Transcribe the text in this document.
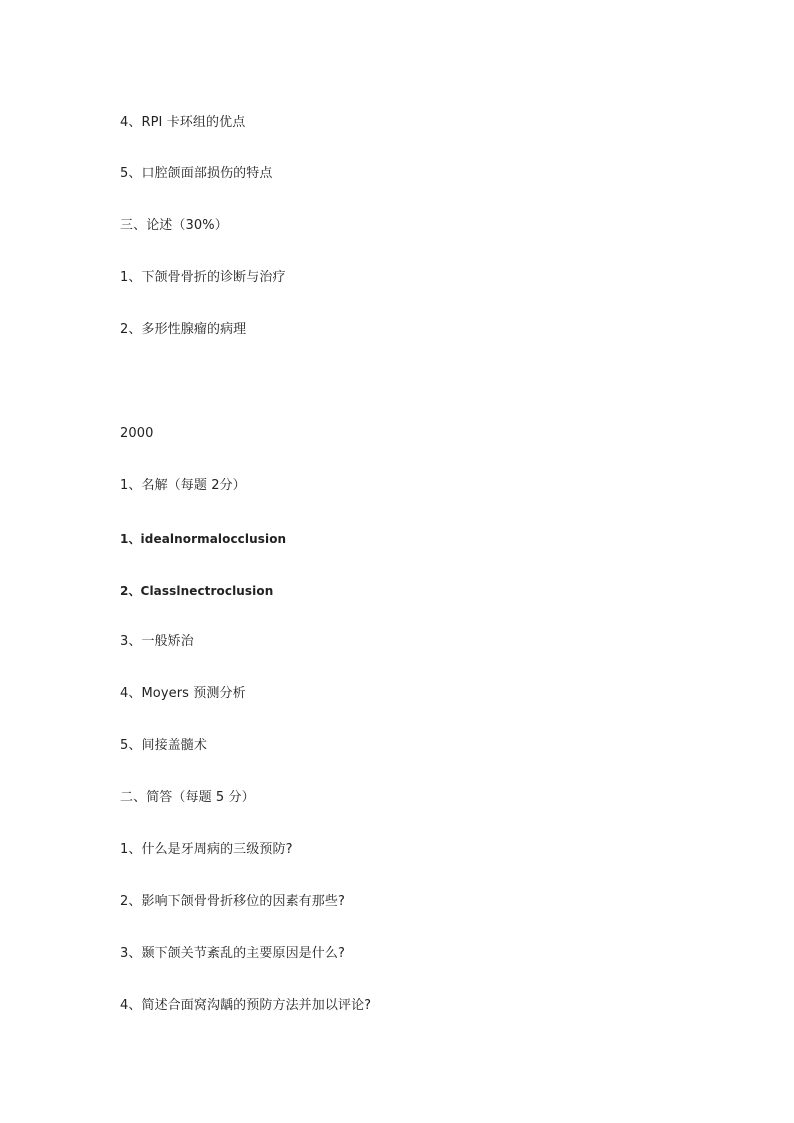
4、RPI 卡环组的优点
5、口腔颌面部损伤的特点
三、论述（30%）
1、下颌骨骨折的诊断与治疗
2、多形性腺瘤的病理
2000
1、名解（每题 2分）
1、idealnormalocclusion
2、Classlnectroclusion
3、一般矫治
4、Moyers 预测分析
5、间接盖髓术
二、简答（每题 5 分）
1、什么是牙周病的三级预防?
2、影响下颌骨骨折移位的因素有那些?
3、颞下颌关节紊乱的主要原因是什么?
4、简述合面窝沟龋的预防方法并加以评论?
